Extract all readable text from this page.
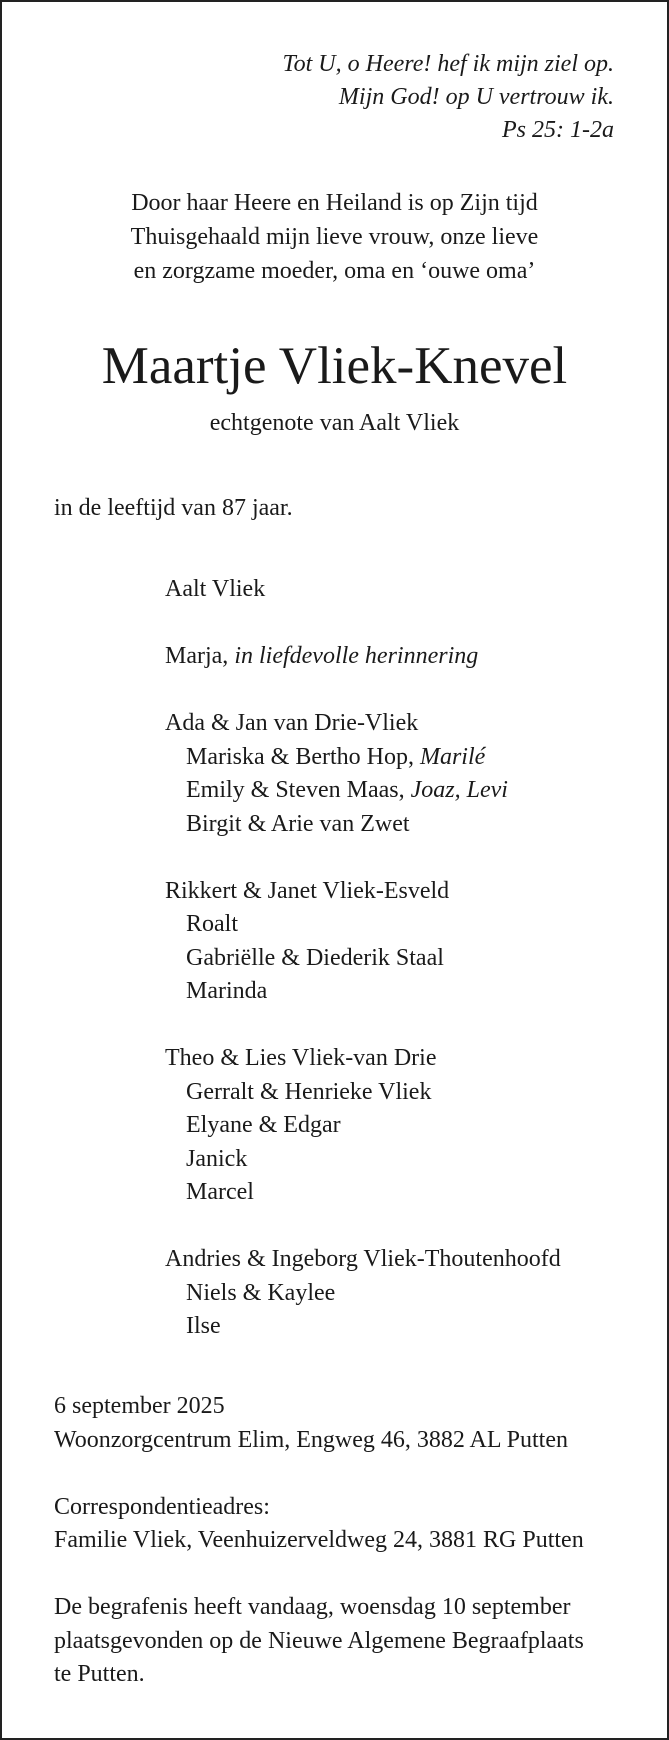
Tot U, o Heere! hef ik mijn ziel op.
Mijn God! op U vertrouw ik.
Ps 25: 1-2a
Door haar Heere en Heiland is op Zijn tijd
Thuisgehaald mijn lieve vrouw, onze lieve
en zorgzame moeder, oma en ‘ouwe oma’
Maartje Vliek-Knevel
echtgenote van Aalt Vliek
in de leeftijd van 87 jaar.
Aalt Vliek
Marja, in liefdevolle herinnering
Ada & Jan van Drie-Vliek
Mariska & Bertho Hop, Marilé
Emily & Steven Maas, Joaz, Levi
Birgit & Arie van Zwet
Rikkert & Janet Vliek-Esveld
Roalt
Gabriëlle & Diederik Staal
Marinda
Theo & Lies Vliek-van Drie
Gerralt & Henrieke Vliek
Elyane & Edgar
Janick
Marcel
Andries & Ingeborg Vliek-Thoutenhoofd
Niels & Kaylee
Ilse
6 september 2025
Woonzorgcentrum Elim, Engweg 46, 3882 AL Putten
Correspondentieadres:
Familie Vliek, Veenhuizerveldweg 24, 3881 RG Putten
De begrafenis heeft vandaag, woensdag 10 september
plaatsgevonden op de Nieuwe Algemene Begraafplaats
te Putten.
